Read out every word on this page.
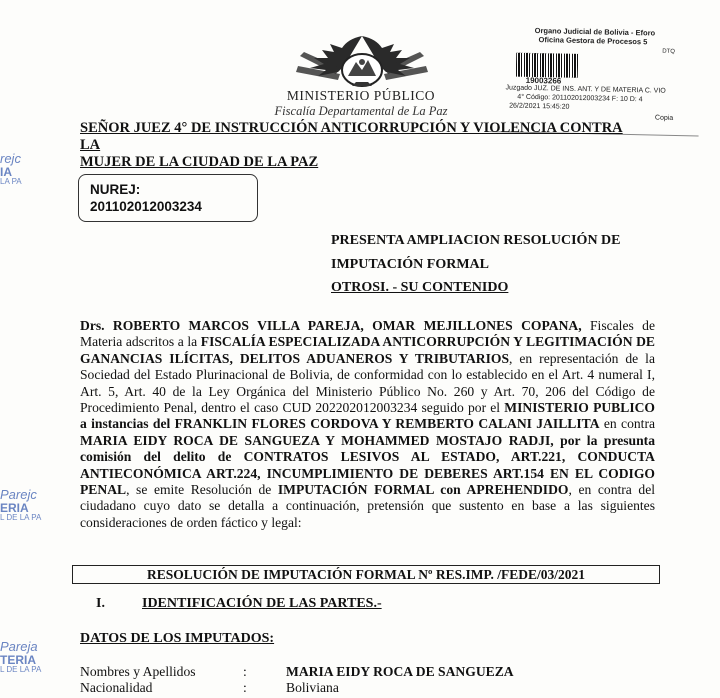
rejc
IA
LA PA
Parejc
ERIA
L DE LA PA
Pareja
TERIA
L DE LA PA
MINISTERIO PÚBLICO
Fiscalía Departamental de La Paz
Organo Judicial de Bolivia - Eforo
Oficina Gestora de Procesos 5
DTQ
19003266
Juzgado JUZ. DE INS. ANT. Y DE MATERIA C. VIO
4° Código: 201102012003234 F: 10 D: 4
26/2/2021 15:45:20
Copia
SEÑOR JUEZ 4° DE INSTRUCCIÓN ANTICORRUPCIÓN Y VIOLENCIA CONTRA LA
MUJER DE LA CIUDAD DE LA PAZ
NUREJ:
201102012003234
PRESENTA AMPLIACION RESOLUCIÓN DE
IMPUTACIÓN FORMAL
OTROSI. - SU CONTENIDO
Drs. ROBERTO MARCOS VILLA PAREJA, OMAR MEJILLONES COPANA, Fiscales de Materia adscritos a la FISCALÍA ESPECIALIZADA ANTICORRUPCIÓN Y LEGITIMACIÓN DE GANANCIAS ILÍCITAS, DELITOS ADUANEROS Y TRIBUTARIOS, en representación de la Sociedad del Estado Plurinacional de Bolivia, de conformidad con lo establecido en el Art. 4 numeral I, Art. 5, Art. 40 de la Ley Orgánica del Ministerio Público No. 260 y Art. 70, 206 del Código de Procedimiento Penal, dentro el caso CUD 202202012003234 seguido por el MINISTERIO PUBLICO a instancias del FRANKLIN FLORES CORDOVA Y REMBERTO CALANI JAILLITA en contra MARIA EIDY ROCA DE SANGUEZA Y MOHAMMED MOSTAJO RADJI, por la presunta comisión del delito de CONTRATOS LESIVOS AL ESTADO, ART.221, CONDUCTA ANTIECONÓMICA ART.224, INCUMPLIMIENTO DE DEBERES ART.154 EN EL CODIGO PENAL, se emite Resolución de IMPUTACIÓN FORMAL con APREHENDIDO, en contra del ciudadano cuyo dato se detalla a continuación, pretensión que sustento en base a las siguientes consideraciones de orden fáctico y legal:
RESOLUCIÓN DE IMPUTACIÓN FORMAL Nº RES.IMP. /FEDE/03/2021
I.	IDENTIFICACIÓN DE LAS PARTES.-
DATOS DE LOS IMPUTADOS:
Nombres y Apellidos	:	MARIA EIDY ROCA DE SANGUEZA
Nacionalidad	:	Boliviana
